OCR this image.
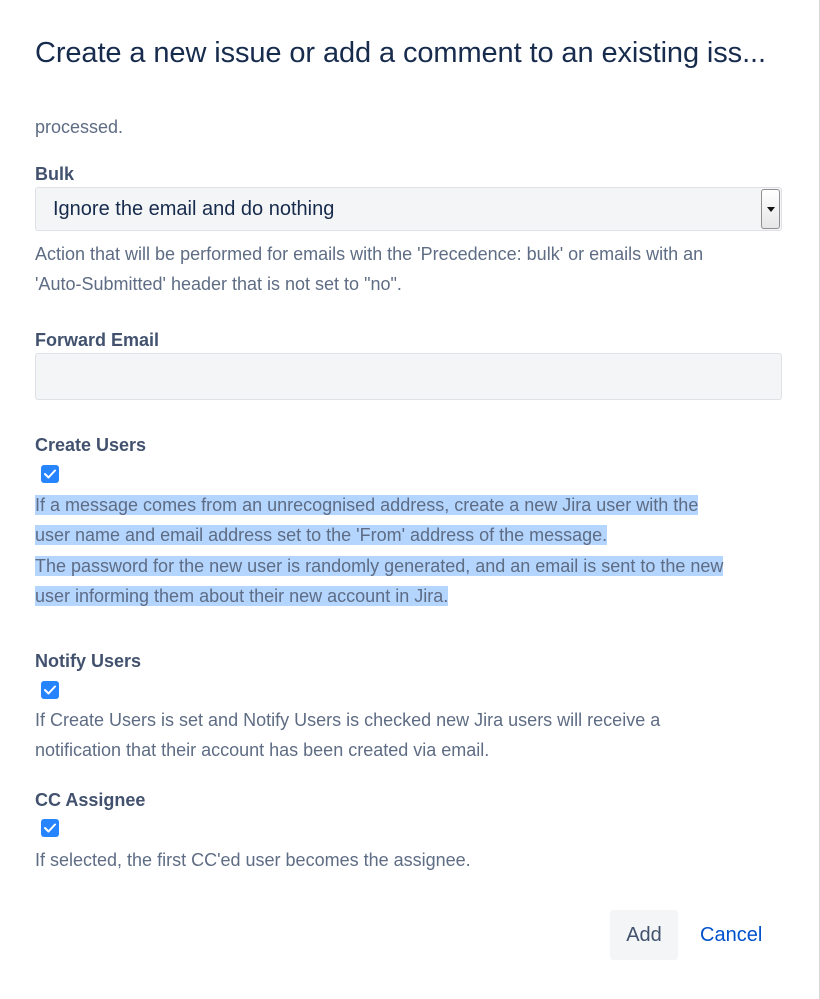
Create a new issue or add a comment to an existing iss...

processed.

Bulk

Ignore the email and do nothing

Action that will be performed for emails with the 'Precedence: bulk' or emails with an
'Auto-Submitted' header that is not set to "no".

Forward Email

Create Users

If a message comes from an unrecognised address, create a new Jira user with the
user name and email address set to the 'From' address of the message.
The password for the new user is randomly generated, and an email is sent to the new
user informing them about their new account in Jira.

Notify Users

If Create Users is set and Notify Users is checked new Jira users will receive a
notification that their account has been created via email.

CC Assignee

If selected, the first CC'ed user becomes the assignee.

Add	Cancel
